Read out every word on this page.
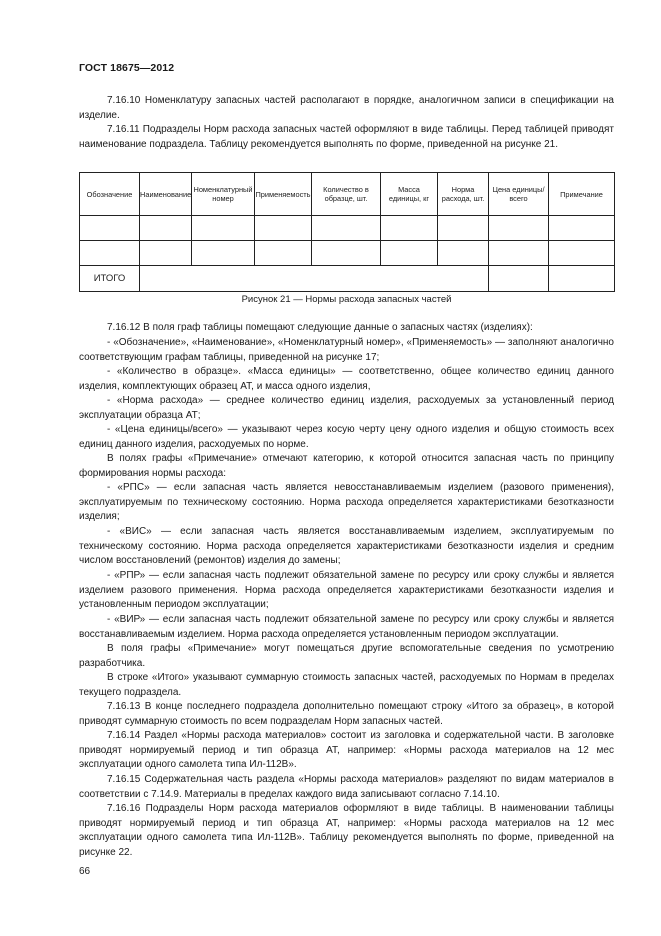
ГОСТ 18675—2012

7.16.10 Номенклатуру запасных частей располагают в порядке, аналогичном записи в спецификации на изделие.

7.16.11 Подразделы Норм расхода запасных частей оформляют в виде таблицы. Перед таблицей приводят наименование подраздела. Таблицу рекомендуется выполнять по форме, приведенной на рисунке 21.

Обозначение	Наименование	Номенклатурный номер	Применяемость	Количество в образце, шт.	Масса единицы, кг	Норма расхода, шт.	Цена единицы/всего	Примечание

ИТОГО								
Рисунок 21 — Нормы расхода запасных частей

7.16.12 В поля граф таблицы помещают следующие данные о запасных частях (изделиях):

- «Обозначение», «Наименование», «Номенклатурный номер», «Применяемость» — заполняют аналогично соответствующим графам таблицы, приведенной на рисунке 17;

- «Количество в образце». «Масса единицы» — соответственно, общее количество единиц данного изделия, комплектующих образец АТ, и масса одного изделия,

- «Норма расхода» — среднее количество единиц изделия, расходуемых за установленный период эксплуатации образца АТ;

- «Цена единицы/всего» — указывают через косую черту цену одного изделия и общую стоимость всех единиц данного изделия, расходуемых по норме.

В полях графы «Примечание» отмечают категорию, к которой относится запасная часть по принципу формирования нормы расхода:

- «РПС» — если запасная часть является невосстанавливаемым изделием (разового применения), эксплуатируемым по техническому состоянию. Норма расхода определяется характеристиками безотказности изделия;

- «ВИС» — если запасная часть является восстанавливаемым изделием, эксплуатируемым по техническому состоянию. Норма расхода определяется характеристиками безотказности изделия и средним числом восстановлений (ремонтов) изделия до замены;

- «РПР» — если запасная часть подлежит обязательной замене по ресурсу или сроку службы и является изделием разового применения. Норма расхода определяется характеристиками безотказности изделия и установленным периодом эксплуатации;

- «ВИР» — если запасная часть подлежит обязательной замене по ресурсу или сроку службы и является восстанавливаемым изделием. Норма расхода определяется установленным периодом эксплуатации.

В поля графы «Примечание» могут помещаться другие вспомогательные сведения по усмотрению разработчика.

В строке «Итого» указывают суммарную стоимость запасных частей, расходуемых по Нормам в пределах текущего подраздела.

7.16.13 В конце последнего подраздела дополнительно помещают строку «Итого за образец», в которой приводят суммарную стоимость по всем подразделам Норм запасных частей.

7.16.14 Раздел «Нормы расхода материалов» состоит из заголовка и содержательной части. В заголовке приводят нормируемый период и тип образца АТ, например: «Нормы расхода материалов на 12 мес эксплуатации одного самолета типа Ил-112В».

7.16.15 Содержательная часть раздела «Нормы расхода материалов» разделяют по видам материалов в соответствии с 7.14.9. Материалы в пределах каждого вида записывают согласно 7.14.10.

7.16.16 Подразделы Норм расхода материалов оформляют в виде таблицы. В наименовании таблицы приводят нормируемый период и тип образца АТ, например: «Нормы расхода материалов на 12 мес эксплуатации одного самолета типа Ил-112В». Таблицу рекомендуется выполнять по форме, приведенной на рисунке 22.

66
